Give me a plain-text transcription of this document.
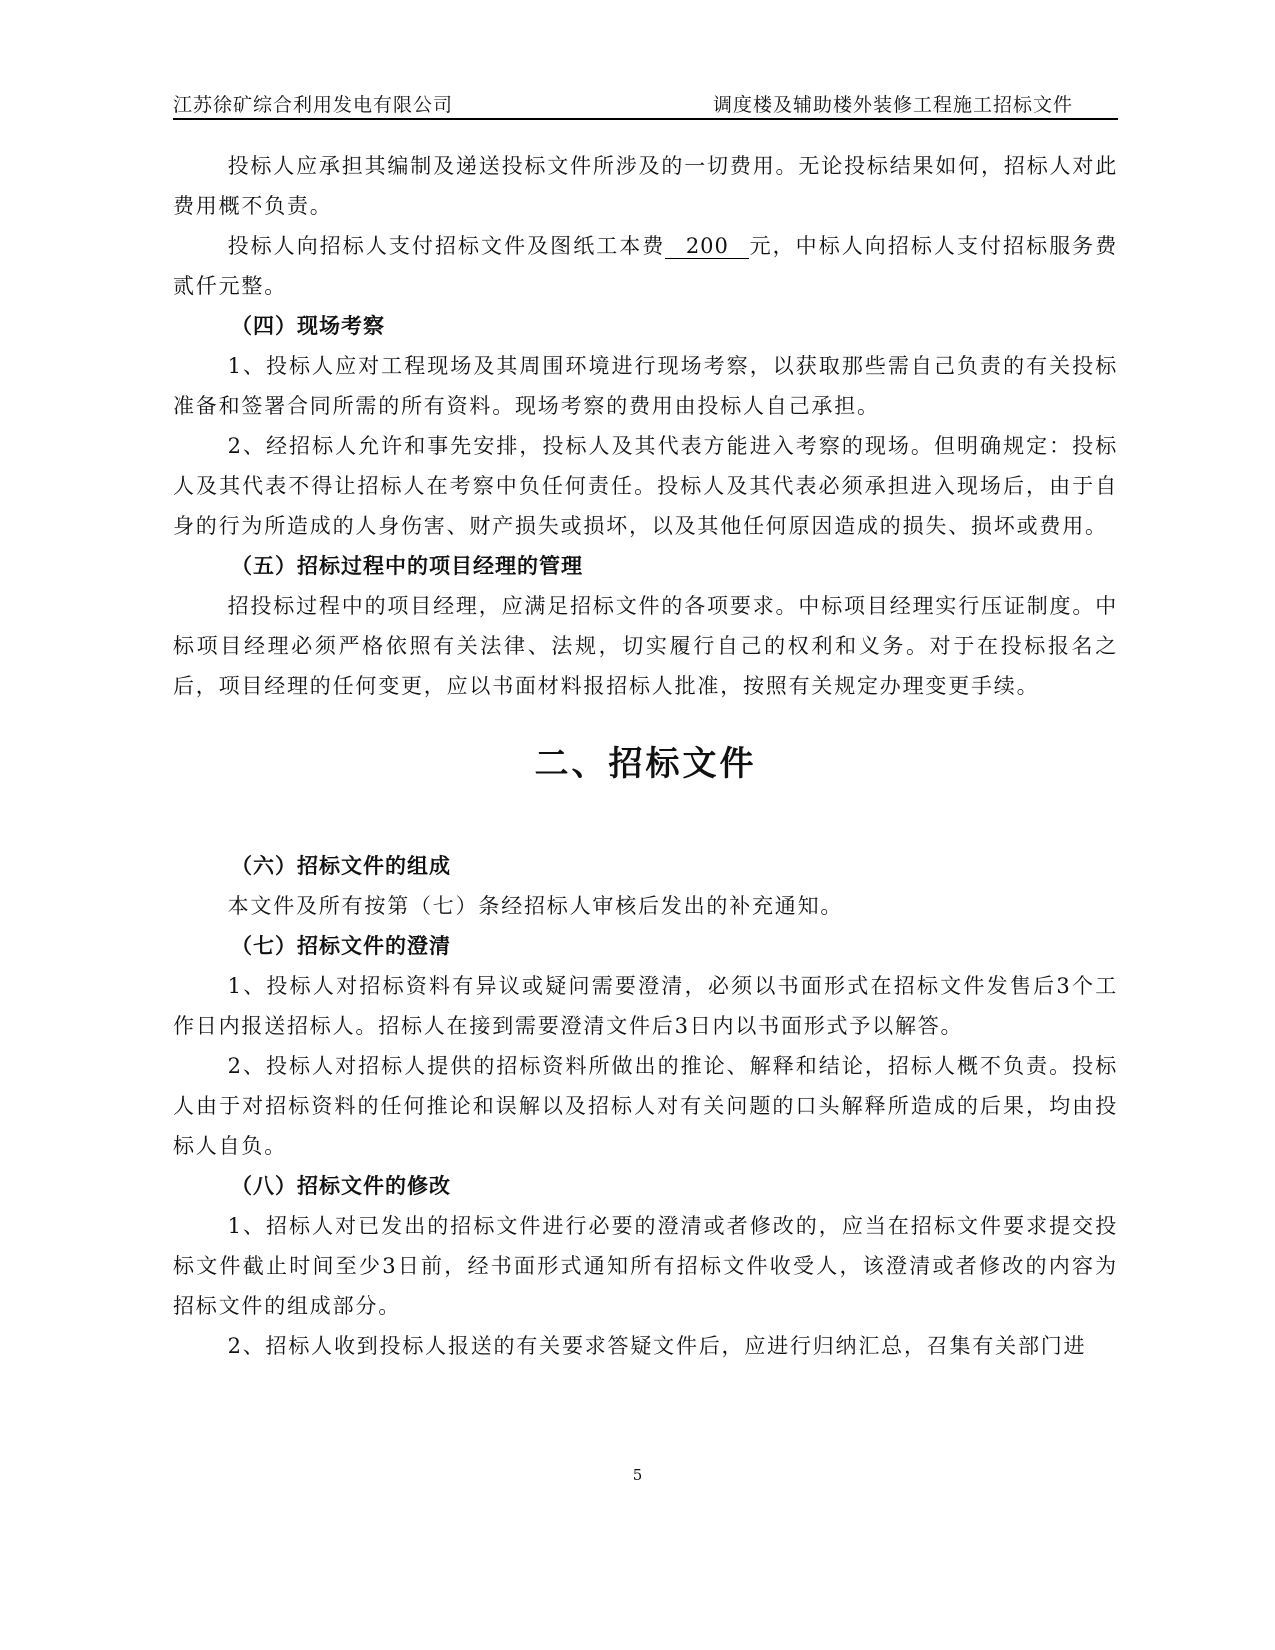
江苏徐矿综合利用发电有限公司	调度楼及辅助楼外装修工程施工招标文件

投标人应承担其编制及递送投标文件所涉及的一切费用。无论投标结果如何，招标人对此费用概不负责。

投标人向招标人支付招标文件及图纸工本费 200 元，中标人向招标人支付招标服务费贰仟元整。

（四）现场考察

1、投标人应对工程现场及其周围环境进行现场考察，以获取那些需自己负责的有关投标准备和签署合同所需的所有资料。现场考察的费用由投标人自己承担。

2、经招标人允许和事先安排，投标人及其代表方能进入考察的现场。但明确规定：投标人及其代表不得让招标人在考察中负任何责任。投标人及其代表必须承担进入现场后，由于自身的行为所造成的人身伤害、财产损失或损坏，以及其他任何原因造成的损失、损坏或费用。

（五）招标过程中的项目经理的管理

招投标过程中的项目经理，应满足招标文件的各项要求。中标项目经理实行压证制度。中标项目经理必须严格依照有关法律、法规，切实履行自己的权利和义务。对于在投标报名之后，项目经理的任何变更，应以书面材料报招标人批准，按照有关规定办理变更手续。

二、招标文件

（六）招标文件的组成

本文件及所有按第（七）条经招标人审核后发出的补充通知。

（七）招标文件的澄清

1、投标人对招标资料有异议或疑问需要澄清，必须以书面形式在招标文件发售后3个工作日内报送招标人。招标人在接到需要澄清文件后3日内以书面形式予以解答。

2、投标人对招标人提供的招标资料所做出的推论、解释和结论，招标人概不负责。投标人由于对招标资料的任何推论和误解以及招标人对有关问题的口头解释所造成的后果，均由投标人自负。

（八）招标文件的修改

1、招标人对已发出的招标文件进行必要的澄清或者修改的，应当在招标文件要求提交投标文件截止时间至少3日前，经书面形式通知所有招标文件收受人，该澄清或者修改的内容为招标文件的组成部分。

2、招标人收到投标人报送的有关要求答疑文件后，应进行归纳汇总，召集有关部门进

5
